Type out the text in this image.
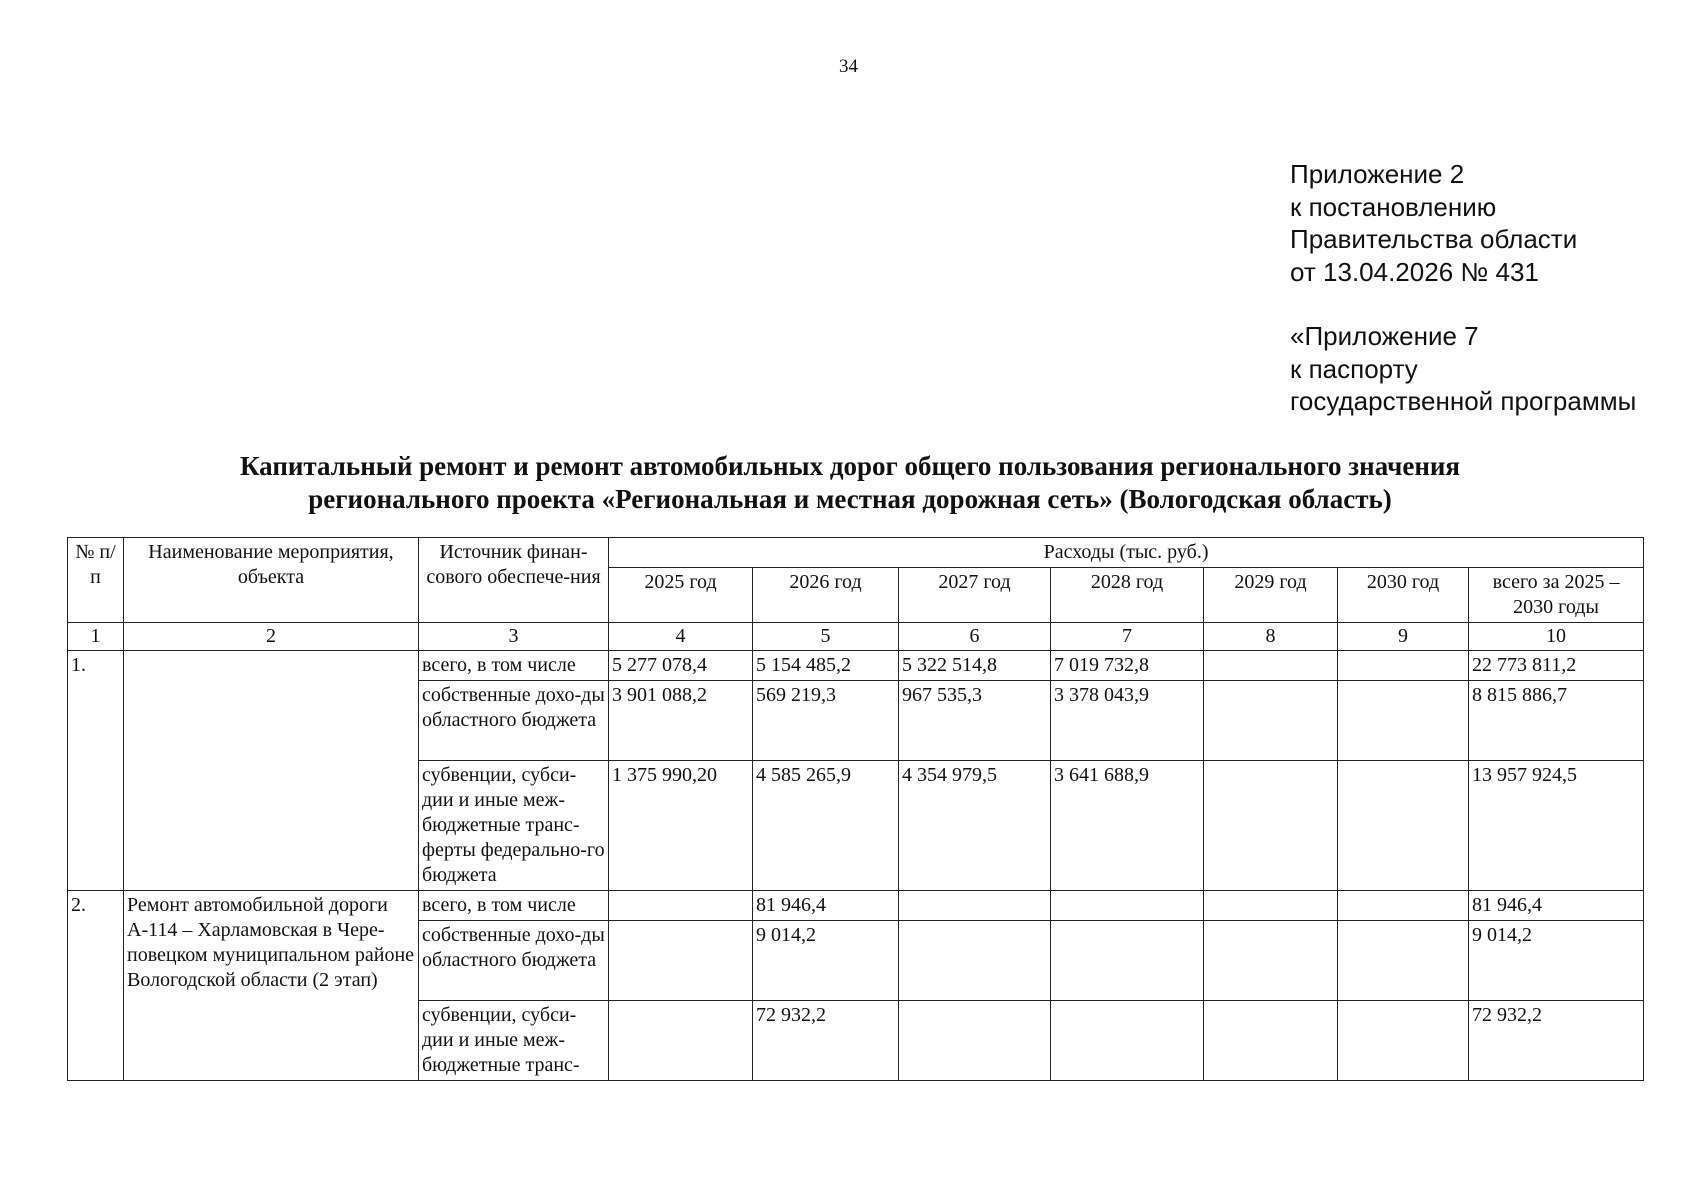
34
Приложение 2
к постановлению
Правительства области
от 13.04.2026 № 431
«Приложение 7
к паспорту
государственной программы
Капитальный ремонт и ремонт автомобильных дорог общего пользования регионального значения
регионального проекта «Региональная и местная дорожная сеть» (Вологодская область)
№ п/п	Наименование мероприятия, объекта	Источник финан-сового обеспече-ния	Расходы (тыс. руб.)						
			2025 год	2026 год	2027 год	2028 год	2029 год	2030 год	всего за 2025 – 2030 годы
1	2	3	4	5	6	7	8	9	10
1.		всего, в том числе	5 277 078,4	5 154 485,2	5 322 514,8	7 019 732,8			22 773 811,2
		собственные дохо-ды областного бюджета	3 901 088,2	569 219,3	967 535,3	3 378 043,9			8 815 886,7
		субвенции, субси-дии и иные меж-бюджетные транс-ферты федерально-го бюджета	1 375 990,20	4 585 265,9	4 354 979,5	3 641 688,9			13 957 924,5
2.	Ремонт автомобильной дороги А-114 – Харламовская в Чере-повецком муниципальном районе Вологодской области (2 этап)	всего, в том числе		81 946,4					81 946,4
		собственные дохо-ды областного бюджета		9 014,2					9 014,2
		субвенции, субси-дии и иные меж-бюджетные транс-		72 932,2					72 932,2
